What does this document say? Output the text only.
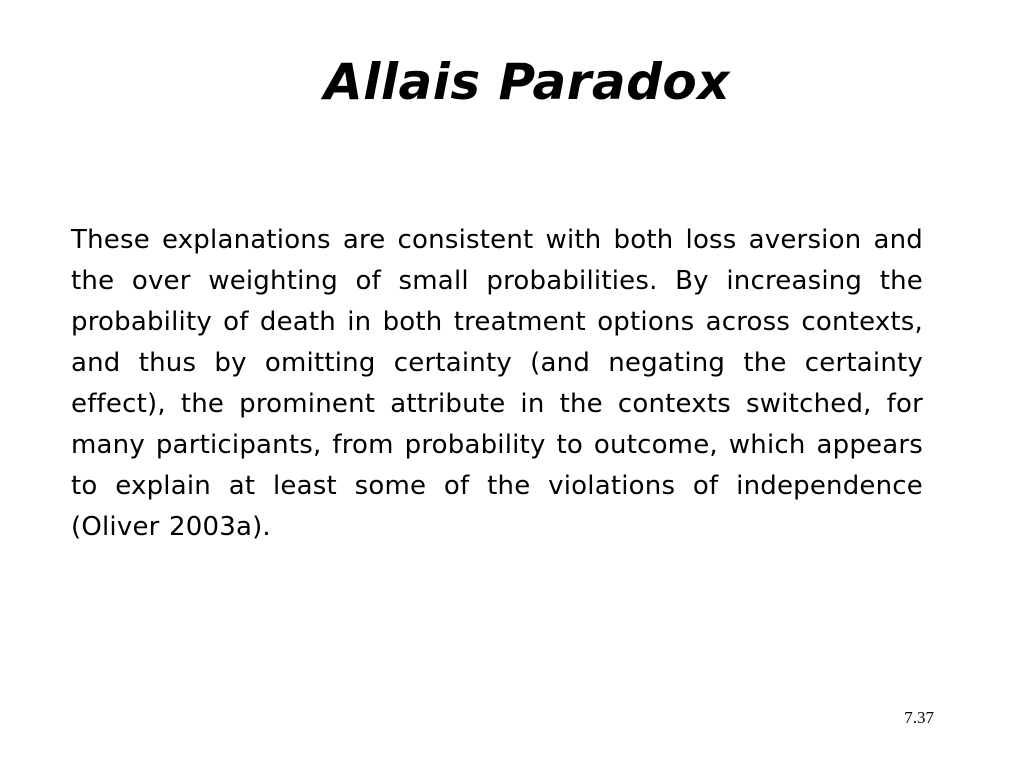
Allais Paradox
These explanations are consistent with both loss aversion and the over weighting of small probabilities. By increasing the probability of death in both treatment options across contexts, and thus by omitting certainty (and negating the certainty effect), the prominent attribute in the contexts switched, for many participants, from probability to outcome, which appears to explain at least some of the violations of independence (Oliver 2003a).
7.37
